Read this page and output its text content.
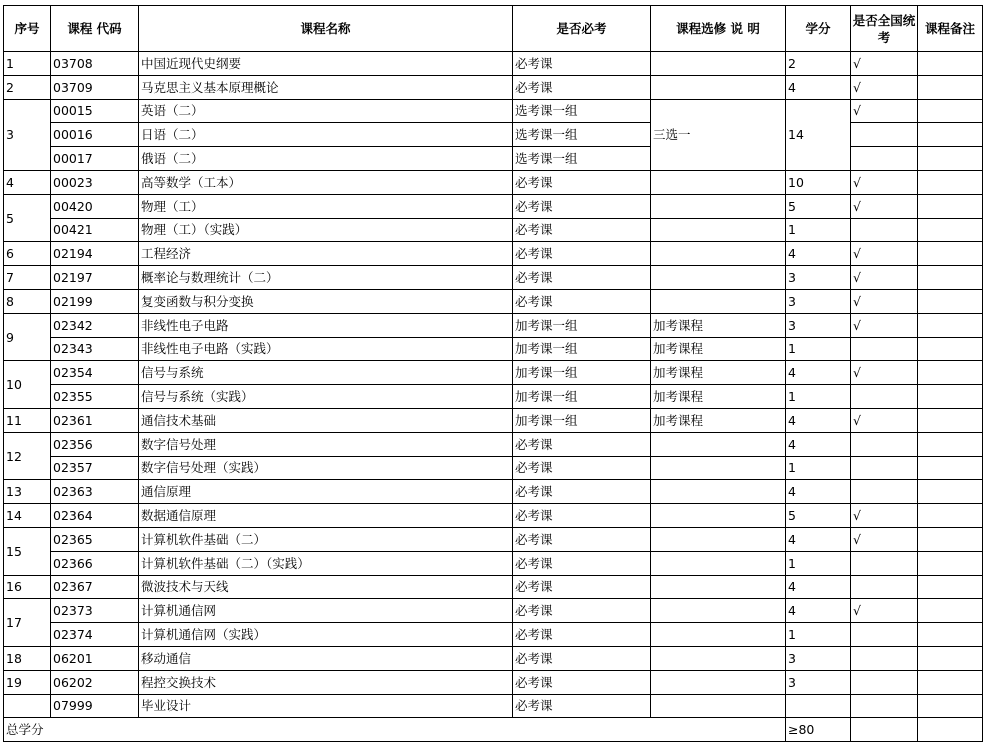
序号	课程 代码	课程名称	是否必考	课程选修 说 明	学分	是否全国统考	课程备注
1	03708	中国近现代史纲要	必考课		2	√	
2	03709	马克思主义基本原理概论	必考课		4	√	
3	00015	英语（二）	选考课一组	三选一	14	√	
	00016	日语（二）	选考课一组				
	00017	俄语（二）	选考课一组				
4	00023	高等数学（工本）	必考课		10	√	
5	00420	物理（工）	必考课		5	√	
	00421	物理（工）（实践）	必考课		1		
6	02194	工程经济	必考课		4	√	
7	02197	概率论与数理统计（二）	必考课		3	√	
8	02199	复变函数与积分变换	必考课		3	√	
9	02342	非线性电子电路	加考课一组	加考课程	3	√	
	02343	非线性电子电路（实践）	加考课一组	加考课程	1		
10	02354	信号与系统	加考课一组	加考课程	4	√	
	02355	信号与系统（实践）	加考课一组	加考课程	1		
11	02361	通信技术基础	加考课一组	加考课程	4	√	
12	02356	数字信号处理	必考课		4		
	02357	数字信号处理（实践）	必考课		1		
13	02363	通信原理	必考课		4		
14	02364	数据通信原理	必考课		5	√	
15	02365	计算机软件基础（二）	必考课		4	√	
	02366	计算机软件基础（二）（实践）	必考课		1		
16	02367	微波技术与天线	必考课		4		
17	02373	计算机通信网	必考课		4	√	
	02374	计算机通信网（实践）	必考课		1		
18	06201	移动通信	必考课		3		
19	06202	程控交换技术	必考课		3		
	07999	毕业设计	必考课				
总学分					≥80		
